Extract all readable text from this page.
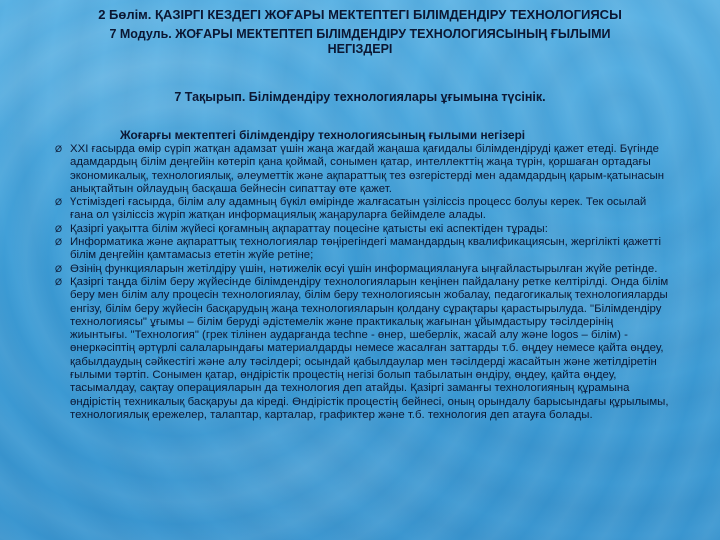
2 Бөлім. ҚАЗІРГІ КЕЗДЕГІ ЖОҒАРЫ МЕКТЕПТЕГІ БІЛІМДЕНДІРУ ТЕХНОЛОГИЯСЫ
7 Модуль. ЖОҒАРЫ МЕКТЕПТЕП БІЛІМДЕНДІРУ ТЕХНОЛОГИЯСЫНЫҢ ҒЫЛЫМИ НЕГІЗДЕРІ
7 Тақырып. Білімдендіру технологиялары ұғымына түсінік.
Жоғарғы мектептегі білімдендіру технологиясының ғылыми негізері
Ø ХХІ ғасырда өмір сүріп жатқан адамзат үшін жаңа жағдай жаңаша қағидалы білімдендіруді қажет етеді. Бүгінде адамдардың білім деңгейін көтеріп қана қоймай, сонымен қатар, интеллекттің жаңа түрін, қоршаған ортадағы экономикалық, технологиялық, әлеуметтік және ақпараттық тез өзгерістерді мен адамдардың қарым-қатынасын анықтайтын ойлаудың басқаша бейнесін сипаттау өте қажет.
Ø Үстіміздегі ғасырда, білім алу адамның бүкіл өмірінде жалғасатын үзіліссіз процесс болуы керек. Тек осылай ғана ол үзіліссіз жүріп жатқан информациялық жаңаруларға бейімделе алады.
Ø Қазіргі уақытта білім жүйесі қоғамның ақпараттау поцесіне қатысты екі аспектіден тұрады:
Ø Информатика және ақпараттық технологиялар төңірегіндегі мамандардың квалификациясын, жергілікті қажетті білім деңгейін қамтамасыз ететін жүйе ретіне;
Ø Өзінің функцияларын жетілдіру үшін, нәтижелік өсуі үшін информациялануға ыңғайластырылған жүйе ретінде.
Ø Қазіргі таңда білім беру жүйесінде білімдендіру технологияларын кеңінен пайдалану ретке келтірілді. Онда білім беру мен білім алу процесін технологиялау, білім беру технологиясын жобалау, педагогикалық технологияларды енгізу, білім беру жүйесін басқарудың жаңа технологияларын қолдану сұрақтары қарастырылуда. "Білімдендіру технологиясы" ұғымы – білім беруді әдістемелік және практикалық жағынан ұйымдастыру тәсілдерінің жиынтығы. "Технология" (грек тілінен аударғанда techne - өнер, шеберлік, жасай алу және logos – білім) - өнеркәсіптің әртүрлі салаларындағы материалдарды немесе жасалған заттарды т.б. өңдеу немесе қайта өңдеу, қабылдаудың сәйкестігі және алу тәсілдері; осындай қабылдаулар мен тәсілдерді жасайтын және жетілдіретін ғылыми тәртіп. Сонымен қатар, өндірістік процестің негізі болып табылатын өндіру, өңдеу, қайта өңдеу, тасымалдау, сақтау операцияларын да технология деп атайды. Қазіргі заманғы технологияның құрамына өндірістің техникалық басқаруы да кіреді. Өндірістік процестің бейнесі, оның орындалу барысындағы құрылымы, технологиялық ережелер, талаптар, карталар, графиктер және т.б. технология деп атауға болады.
